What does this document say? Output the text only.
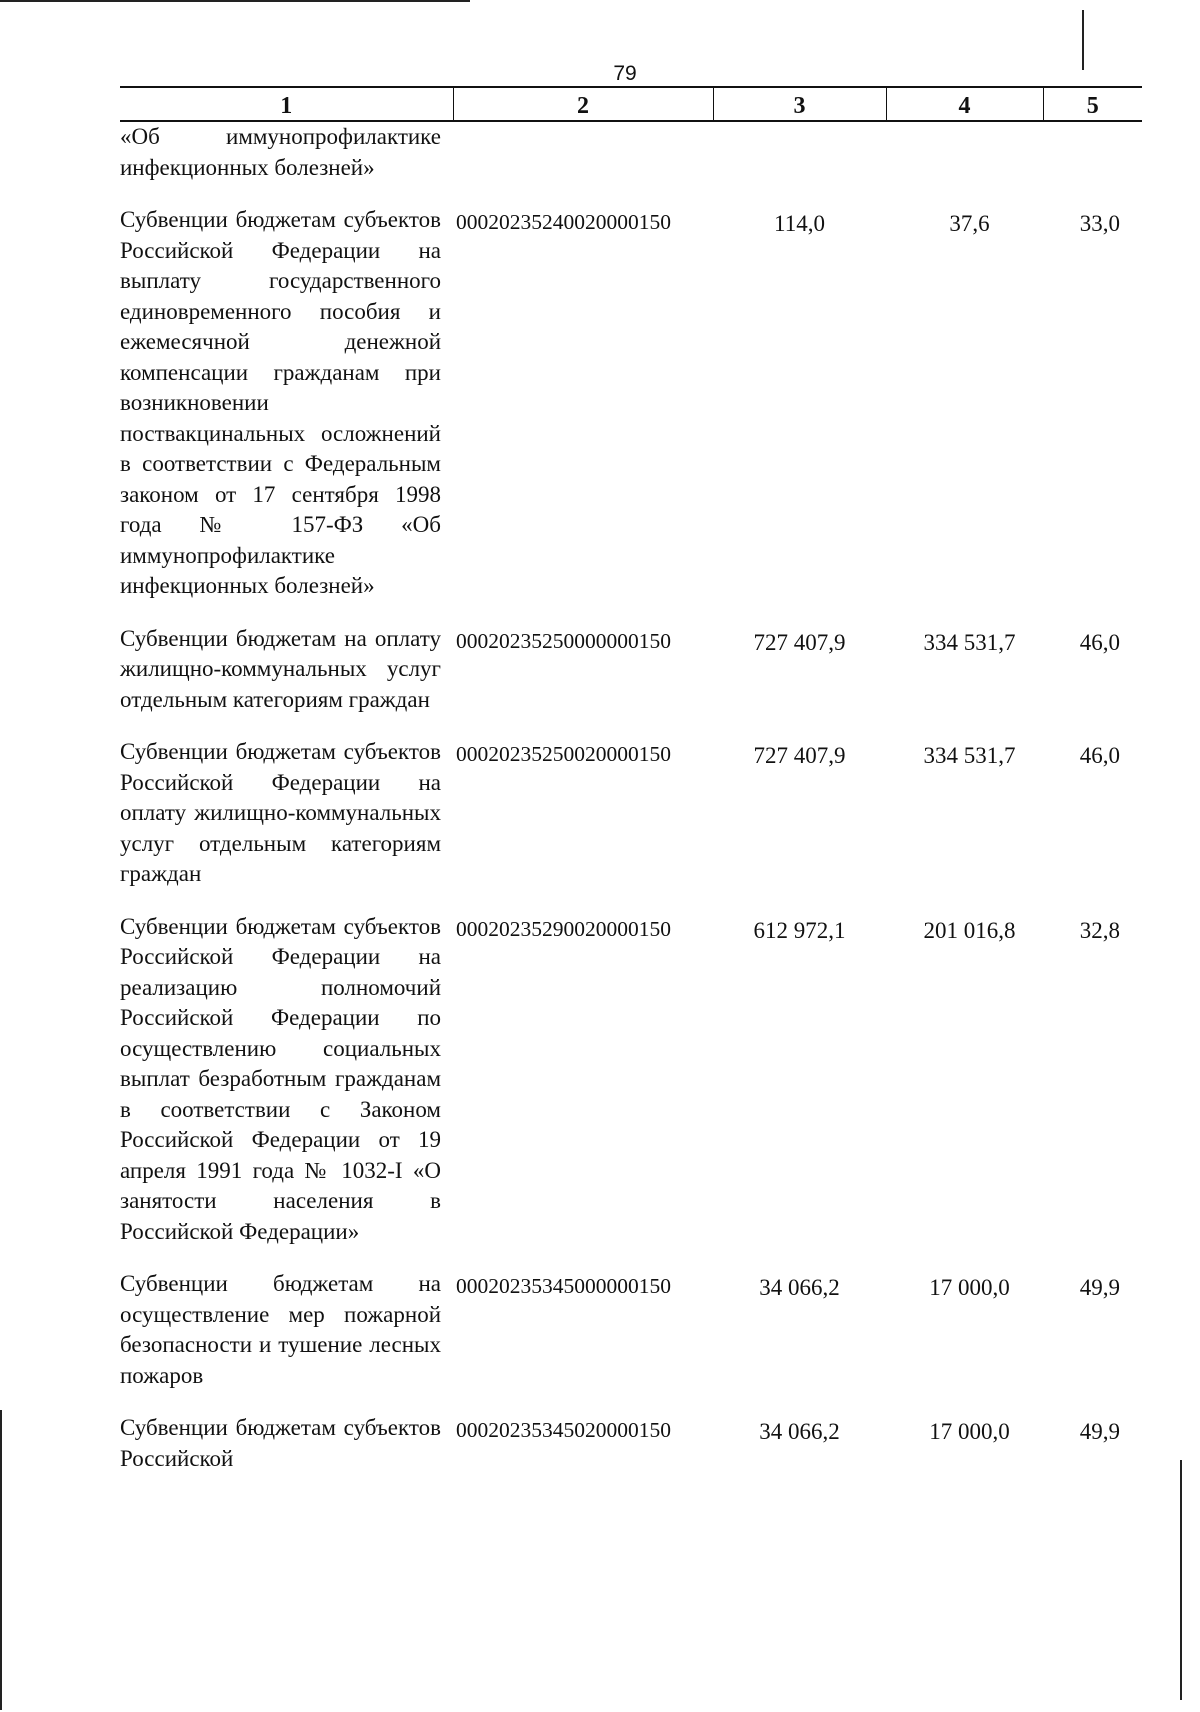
79
1	2	3	4	5
«Об иммунопрофилактике инфекционных болезней»				
Субвенции бюджетам субъектов Российской Федерации на выплату государственного единовременного пособия и ежемесячной денежной компенсации гражданам при возникновении поствакцинальных осложнений в соответствии с Федеральным законом от 17 сентября 1998 года № 157-ФЗ «Об иммунопрофилактике инфекционных болезней»	00020235240020000150	114,0	37,6	33,0
Субвенции бюджетам на оплату жилищно-коммунальных услуг отдельным категориям граждан	00020235250000000150	727 407,9	334 531,7	46,0
Субвенции бюджетам субъектов Российской Федерации на оплату жилищно-коммунальных услуг отдельным категориям граждан	00020235250020000150	727 407,9	334 531,7	46,0
Субвенции бюджетам субъектов Российской Федерации на реализацию полномочий Российской Федерации по осуществлению социальных выплат безработным гражданам в соответствии с Законом Российской Федерации от 19 апреля 1991 года № 1032-I «О занятости населения в Российской Федерации»	00020235290020000150	612 972,1	201 016,8	32,8
Субвенции бюджетам на осуществление мер пожарной безопасности и тушение лесных пожаров	00020235345000000150	34 066,2	17 000,0	49,9
Субвенции бюджетам субъектов Российской	00020235345020000150	34 066,2	17 000,0	49,9
